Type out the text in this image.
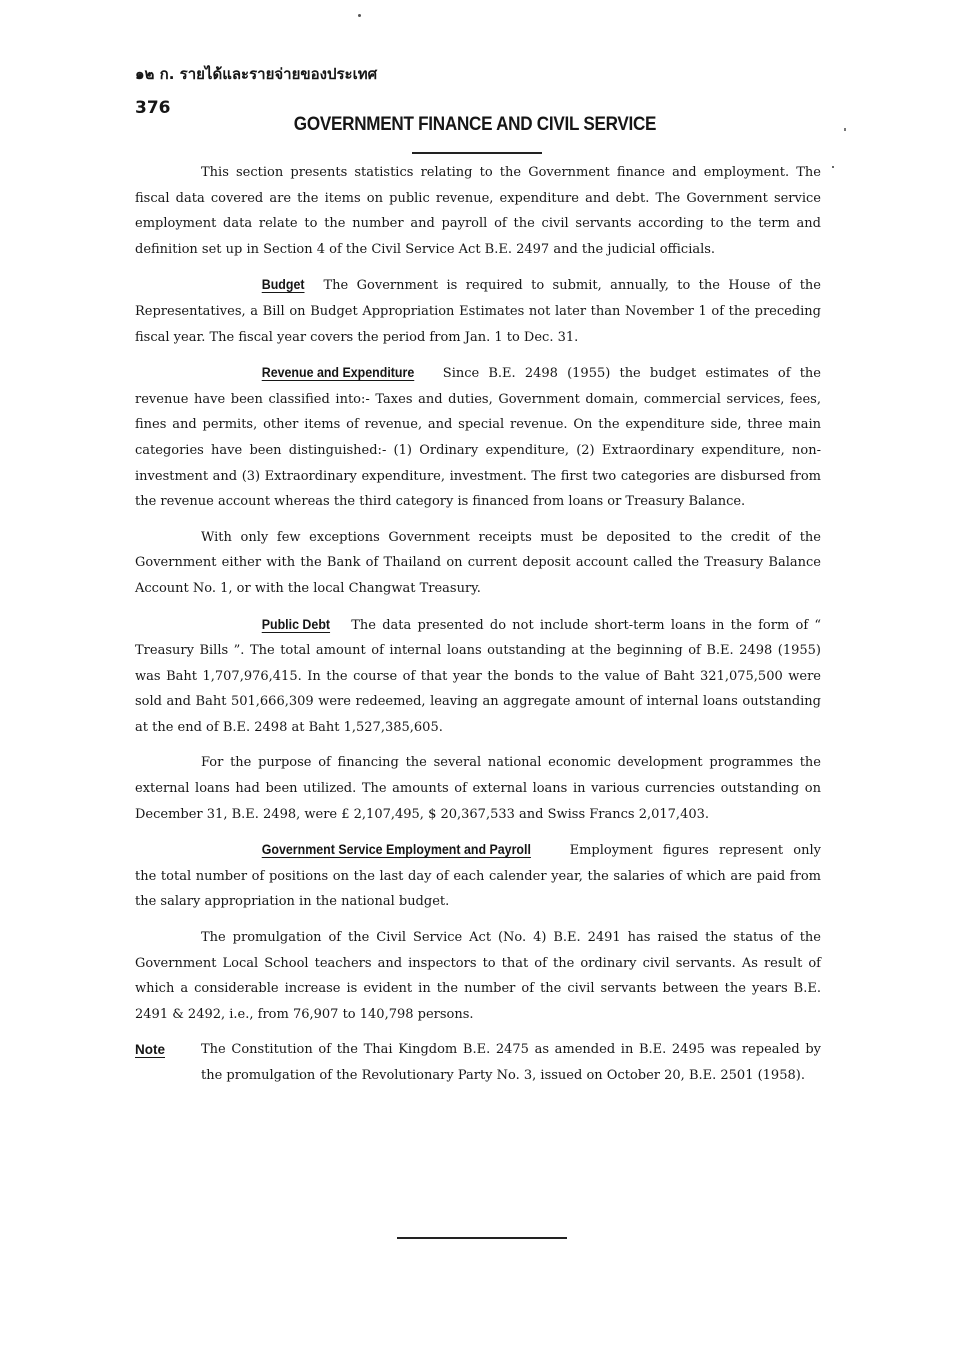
๑๒ ก. รายได้และรายจ่ายของประเทศ
376
GOVERNMENT FINANCE AND CIVIL SERVICE

This section presents statistics relating to the Government finance and employment. The fiscal data covered are the items on public revenue, expenditure and debt. The Government service employment data relate to the number and payroll of the civil servants according to the term and definition set up in Section 4 of the Civil Service Act B.E. 2497 and the judicial officials.

Budget The Government is required to submit, annually, to the House of the Representatives, a Bill on Budget Appropriation Estimates not later than November 1 of the preceding fiscal year. The fiscal year covers the period from Jan. 1 to Dec. 31.

Revenue and Expenditure Since B.E. 2498 (1955) the budget estimates of the revenue have been classified into:- Taxes and duties, Government domain, commercial services, fees, fines and permits, other items of revenue, and special revenue. On the expenditure side, three main categories have been distinguished:- (1) Ordinary expenditure, (2) Extraordinary expenditure, non-investment and (3) Extraordinary expenditure, investment. The first two categories are disbursed from the revenue account whereas the third category is financed from loans or Treasury Balance.

With only few exceptions Government receipts must be deposited to the credit of the Government either with the Bank of Thailand on current deposit account called the Treasury Balance Account No. 1, or with the local Changwat Treasury.

Public Debt The data presented do not include short-term loans in the form of “ Treasury Bills ”. The total amount of internal loans outstanding at the beginning of B.E. 2498 (1955) was Baht 1,707,976,415. In the course of that year the bonds to the value of Baht 321,075,500 were sold and Baht 501,666,309 were redeemed, leaving an aggregate amount of internal loans outstanding at the end of B.E. 2498 at Baht 1,527,385,605.

For the purpose of financing the several national economic development programmes the external loans had been utilized. The amounts of external loans in various currencies outstanding on December 31, B.E. 2498, were £ 2,107,495, $ 20,367,533 and Swiss Francs 2,017,403.

Government Service Employment and Payroll	Employment figures represent only the total number of positions on the last day of each calender year, the salaries of which are paid from the salary appropriation in the national budget.

The promulgation of the Civil Service Act (No. 4) B.E. 2491 has raised the status of the Government Local School teachers and inspectors to that of the ordinary civil servants. As result of which a considerable increase is evident in the number of the civil servants between the years B.E. 2491 & 2492, i.e., from 76,907 to 140,798 persons.

Note	The Constitution of the Thai Kingdom B.E. 2475 as amended in B.E. 2495 was repealed by the promulgation of the Revolutionary Party No. 3, issued on October 20, B.E. 2501 (1958).
